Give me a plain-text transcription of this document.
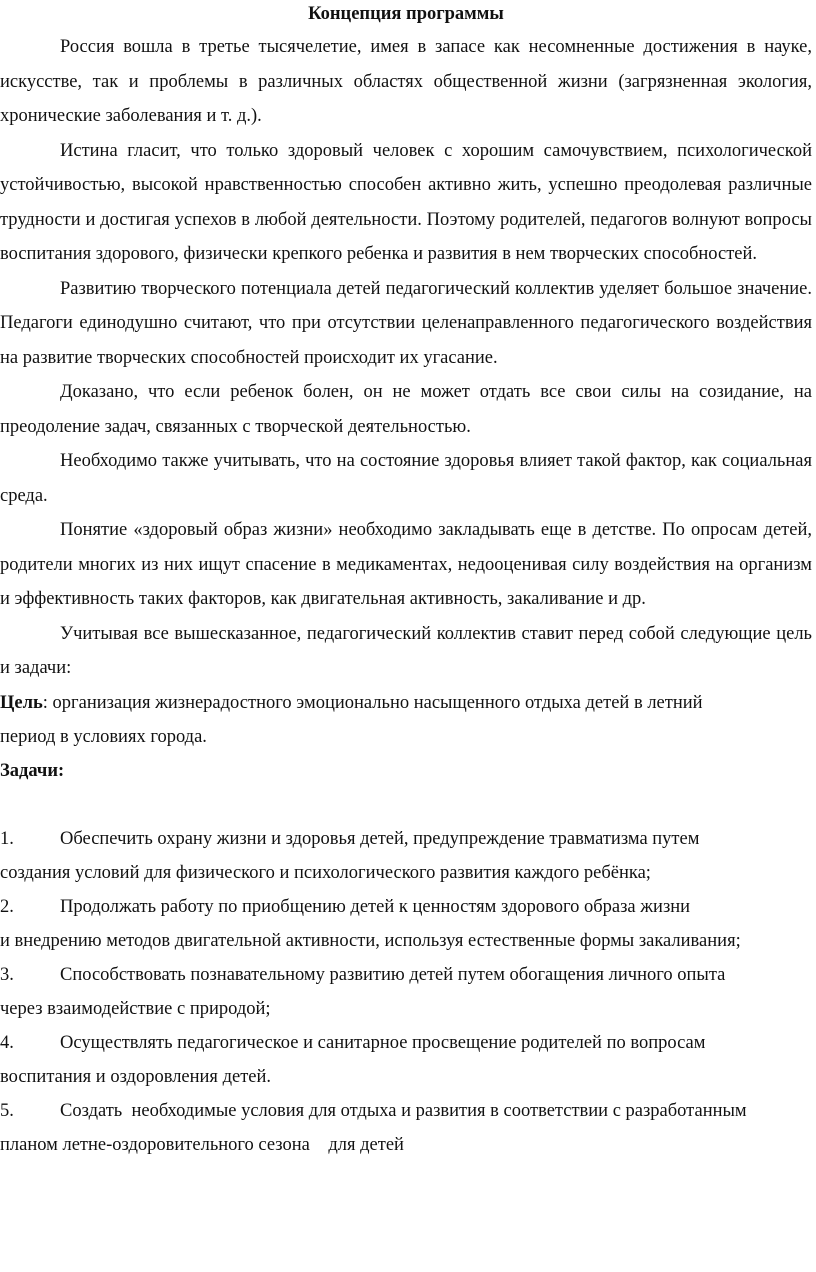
Концепция программы

Россия вошла в третье тысячелетие, имея в запасе как несомненные достижения в науке, искусстве, так и проблемы в различных областях общественной жизни (загрязненная экология, хронические заболевания и т. д.).

Истина гласит, что только здоровый человек с хорошим самочувствием, психологической устойчивостью, высокой нравственностью способен активно жить, успешно преодолевая различные трудности и достигая успехов в любой деятельности. Поэтому родителей, педагогов волнуют вопросы воспитания здорового, физически крепкого ребенка и развития в нем творческих способностей.

Развитию творческого потенциала детей педагогический коллектив уделяет большое значение. Педагоги единодушно считают, что при отсутствии целенаправленного педагогического воздействия на развитие творческих способностей происходит их угасание.

Доказано, что если ребенок болен, он не может отдать все свои силы на созидание, на преодоление задач, связанных с творческой деятельностью.

Необходимо также учитывать, что на состояние здоровья влияет такой фактор, как социальная среда.

Понятие «здоровый образ жизни» необходимо закладывать еще в детстве. По опросам детей, родители многих из них ищут спасение в медикаментах, недооценивая силу воздействия на организм и эффективность таких факторов, как двигательная активность, закаливание и др.

Учитывая все вышесказанное, педагогический коллектив ставит перед собой следующие цель и задачи:

Цель: организация жизнерадостного эмоционально насыщенного отдыха детей в летний
период в условиях города.

Задачи:

1. Обеспечить охрану жизни и здоровья детей, предупреждение травматизма путем
создания условий для физического и психологического развития каждого ребёнка;
2. Продолжать работу по приобщению детей к ценностям здорового образа жизни
и внедрению методов двигательной активности, используя естественные формы закаливания;
3. Способствовать познавательному развитию детей путем обогащения личного опыта
через взаимодействие с природой;
4. Осуществлять педагогическое и санитарное просвещение родителей по вопросам
воспитания и оздоровления детей.
5. Создать  необходимые условия для отдыха и развития в соответствии с разработанным
планом летне-оздоровительного сезона    для детей
